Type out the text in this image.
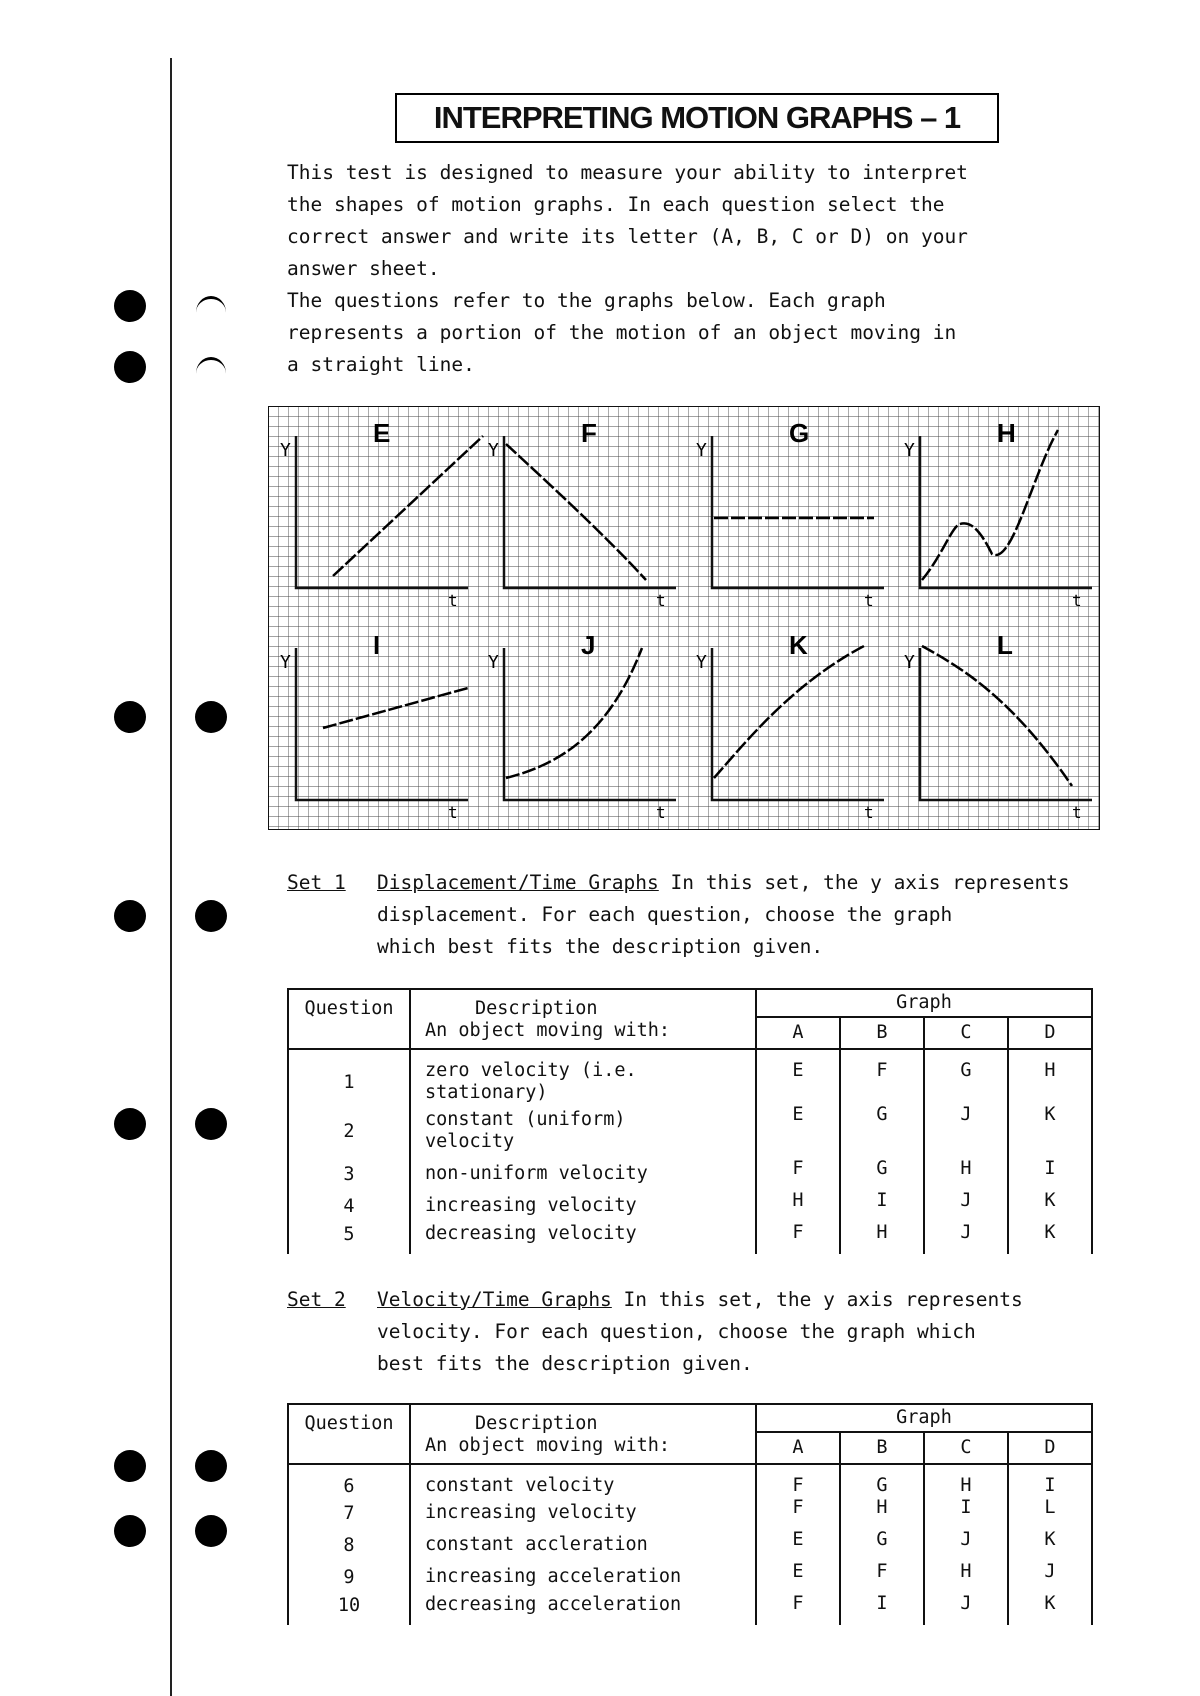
INTERPRETING MOTION GRAPHS – 1
This test is designed to measure your ability to interpret
the shapes of motion graphs. In each question select the
correct answer and write its letter (A, B, C or D) on your
answer sheet.
The questions refer to the graphs below. Each graph
represents a portion of the motion of an object moving in
a straight line.
Y
t
E
Y
t
F
Y
t
G
Y
t
H
Y
t
I
Y
t
J
Y
t
K
Y
t
L
Set 1 Displacement/Time Graphs In this set, the y axis represents
displacement. For each question, choose the graph
which best fits the description given.
Question	Description
An object moving with:	Graph			
		A	B	C	D
1	zero velocity (i.e.
stationary)	E	F	G	H
2	constant (uniform)
velocity	E	G	J	K
3	non-uniform velocity	F	G	H	I
4	increasing velocity	H	I	J	K
5	decreasing velocity	F	H	J	K
Set 2 Velocity/Time Graphs In this set, the y axis represents
velocity. For each question, choose the graph which
best fits the description given.
Question	Description
An object moving with:	Graph			
		A	B	C	D
6	constant velocity	F	G	H	I
7	increasing velocity	F	H	I	L
8	constant accleration	E	G	J	K
9	increasing acceleration	E	F	H	J
10	decreasing acceleration	F	I	J	K
